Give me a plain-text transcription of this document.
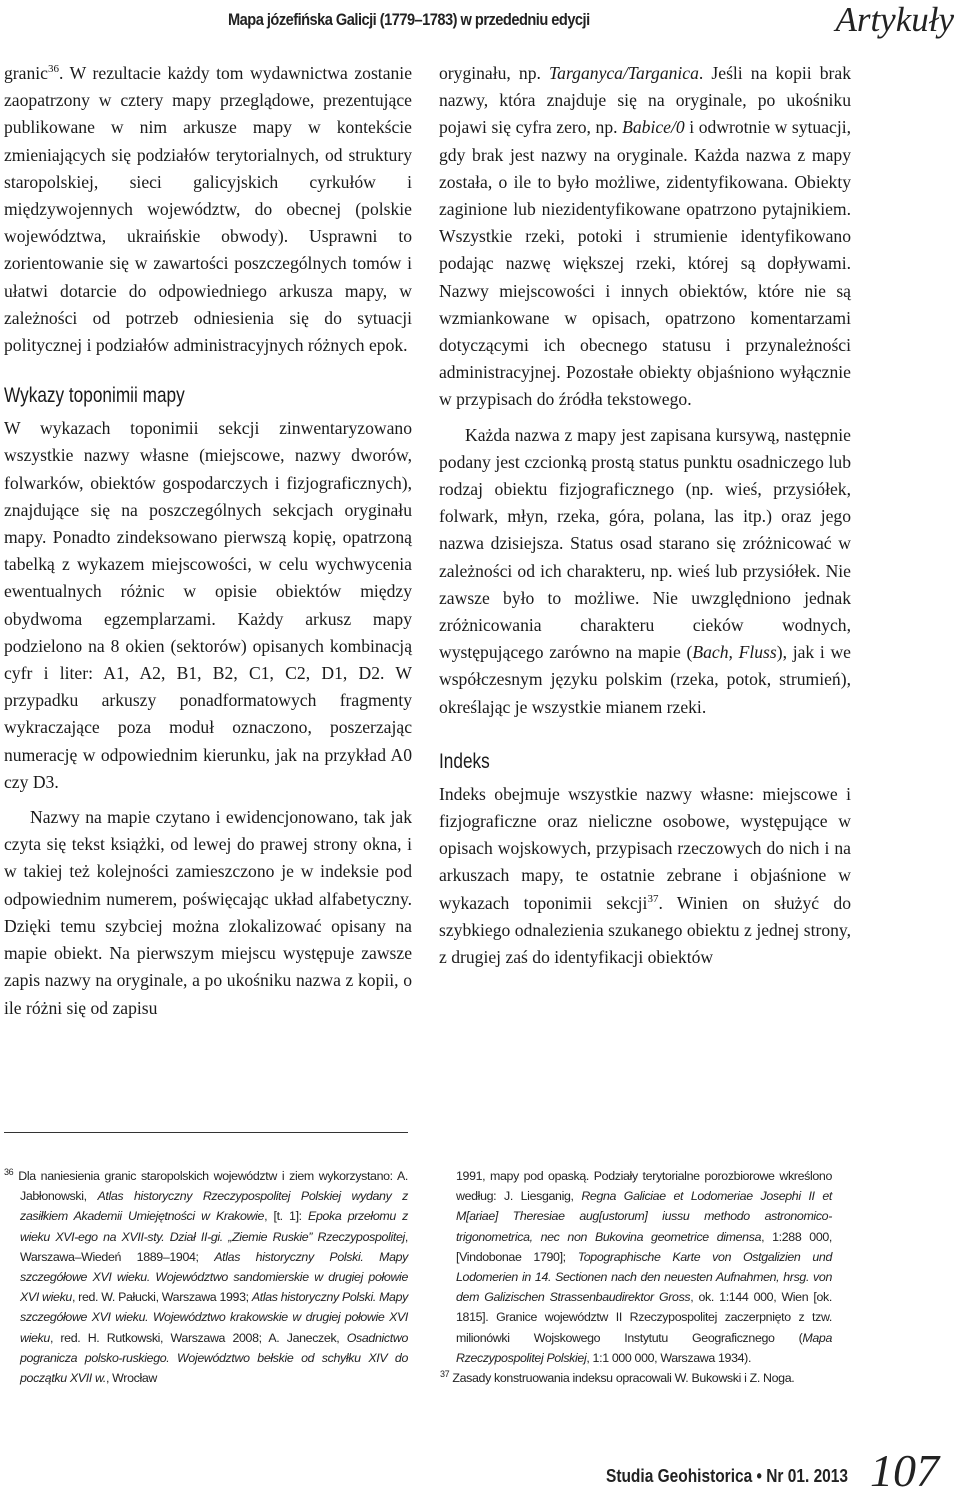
Mapa józefińska Galicji (1779–1783) w przededniu edycji	Artykuły

granic$^{36}$. W rezultacie każdy tom wydawnictwa zostanie zaopatrzony w cztery mapy przeglądowe, prezentujące publikowane w nim arkusze mapy w kontekście zmieniających się podziałów terytorialnych, od struktury staropolskiej, sieci galicyjskich cyrkułów i międzywojennych województw, do obecnej (polskie województwa, ukraińskie obwody). Usprawni to zorientowanie się w zawartości poszczególnych tomów i ułatwi dotarcie do odpowiedniego arkusza mapy, w zależności od potrzeb odniesienia się do sytuacji politycznej i podziałów administracyjnych różnych epok.

Wykazy toponimii mapy

W wykazach toponimii sekcji zinwentaryzowano wszystkie nazwy własne (miejscowe, nazwy dworów, folwarków, obiektów gospodarczych i fizjograficznych), znajdujące się na poszczególnych sekcjach oryginału mapy. Ponadto zindeksowano pierwszą kopię, opatrzoną tabelką z wykazem miejscowości, w celu wychwycenia ewentualnych różnic w opisie obiektów między obydwoma egzemplarzami. Każdy arkusz mapy podzielono na 8 okien (sektorów) opisanych kombinacją cyfr i liter: A1, A2, B1, B2, C1, C2, D1, D2. W przypadku arkuszy ponadformatowych fragmenty wykraczające poza moduł oznaczono, poszerzając numerację w odpowiednim kierunku, jak na przykład A0 czy D3.

Nazwy na mapie czytano i ewidencjonowano, tak jak czyta się tekst książki, od lewej do prawej strony okna, i w takiej też kolejności zamieszczono je w indeksie pod odpowiednim numerem, poświęcając układ alfabetyczny. Dzięki temu szybciej można zlokalizować opisany na mapie obiekt. Na pierwszym miejscu występuje zawsze zapis nazwy na oryginale, a po ukośniku nazwa z kopii, o ile różni się od zapisu

oryginału, np. Targanyca/Targanica. Jeśli na kopii brak nazwy, która znajduje się na oryginale, po ukośniku pojawi się cyfra zero, np. Babice/0 i odwrotnie w sytuacji, gdy brak jest nazwy na oryginale. Każda nazwa z mapy została, o ile to było możliwe, zidentyfikowana. Obiekty zaginione lub niezidentyfikowane opatrzono pytajnikiem. Wszystkie rzeki, potoki i strumienie identyfikowano podając nazwę większej rzeki, której są dopływami. Nazwy miejscowości i innych obiektów, które nie są wzmiankowane w opisach, opatrzono komentarzami dotyczącymi ich obecnego statusu i przynależności administracyjnej. Pozostałe obiekty objaśniono wyłącznie w przypisach do źródła tekstowego.

Każda nazwa z mapy jest zapisana kursywą, następnie podany jest czcionką prostą status punktu osadniczego lub rodzaj obiektu fizjograficznego (np. wieś, przysiółek, folwark, młyn, rzeka, góra, polana, las itp.) oraz jego nazwa dzisiejsza. Status osad starano się zróżnicować w zależności od ich charakteru, np. wieś lub przysiółek. Nie zawsze było to możliwe. Nie uwzględniono jednak zróżnicowania charakteru cieków wodnych, występującego zarówno na mapie (Bach, Fluss), jak i we współczesnym języku polskim (rzeka, potok, strumień), określając je wszystkie mianem rzeki.

Indeks

Indeks obejmuje wszystkie nazwy własne: miejscowe i fizjograficzne oraz nieliczne osobowe, występujące w opisach wojskowych, przypisach rzeczowych do nich i na arkuszach mapy, te ostatnie zebrane i objaśnione w wykazach toponimii sekcji$^{37}$. Winien on służyć do szybkiego odnalezienia szukanego obiektu z jednej strony, z drugiej zaś do identyfikacji obiektów

$^{36}$ Dla naniesienia granic staropolskich województw i ziem wykorzystano: A. Jabłonowski, Atlas historyczny Rzeczypospolitej Polskiej wydany z zasiłkiem Akademii Umiejętności w Krakowie, [t. 1]: Epoka przełomu z wieku XVI-ego na XVII-sty. Dział II-gi. „Ziemie Ruskie” Rzeczypospolitej, Warszawa–Wiedeń 1889–1904; Atlas historyczny Polski. Mapy szczegółowe XVI wieku. Województwo sandomierskie w drugiej połowie XVI wieku, red. W. Pałucki, Warszawa 1993; Atlas historyczny Polski. Mapy szczegółowe XVI wieku. Województwo krakowskie w drugiej połowie XVI wieku, red. H. Rutkowski, Warszawa 2008; A. Janeczek, Osadnictwo pogranicza polsko-ruskiego. Województwo bełskie od schyłku XIV do początku XVII w., Wrocław

1991, mapy pod opaską. Podziały terytorialne porozbiorowe wkreślono według: J. Liesganig, Regna Galiciae et Lodomeriae Josephi II et M[ariae] Theresiae aug[ustorum] iussu methodo astronomico-trigonometrica, nec non Bukovina geometrice dimensa, 1:288 000, [Vindobonae 1790]; Topographische Karte von Ostgalizien und Lodomerien in 14. Sectionen nach den neuesten Aufnahmen, hrsg. von dem Galizischen Strassenbaudirektor Gross, ok. 1:144 000, Wien [ok. 1815]. Granice województw II Rzeczypospolitej zaczerpnięto z tzw. milionówki Wojskowego Instytutu Geograficznego (Mapa Rzeczypospolitej Polskiej, 1:1 000 000, Warszawa 1934).

$^{37}$ Zasady konstruowania indeksu opracowali W. Bukowski i Z. Noga.

Studia Geohistorica • Nr 01. 2013 107
